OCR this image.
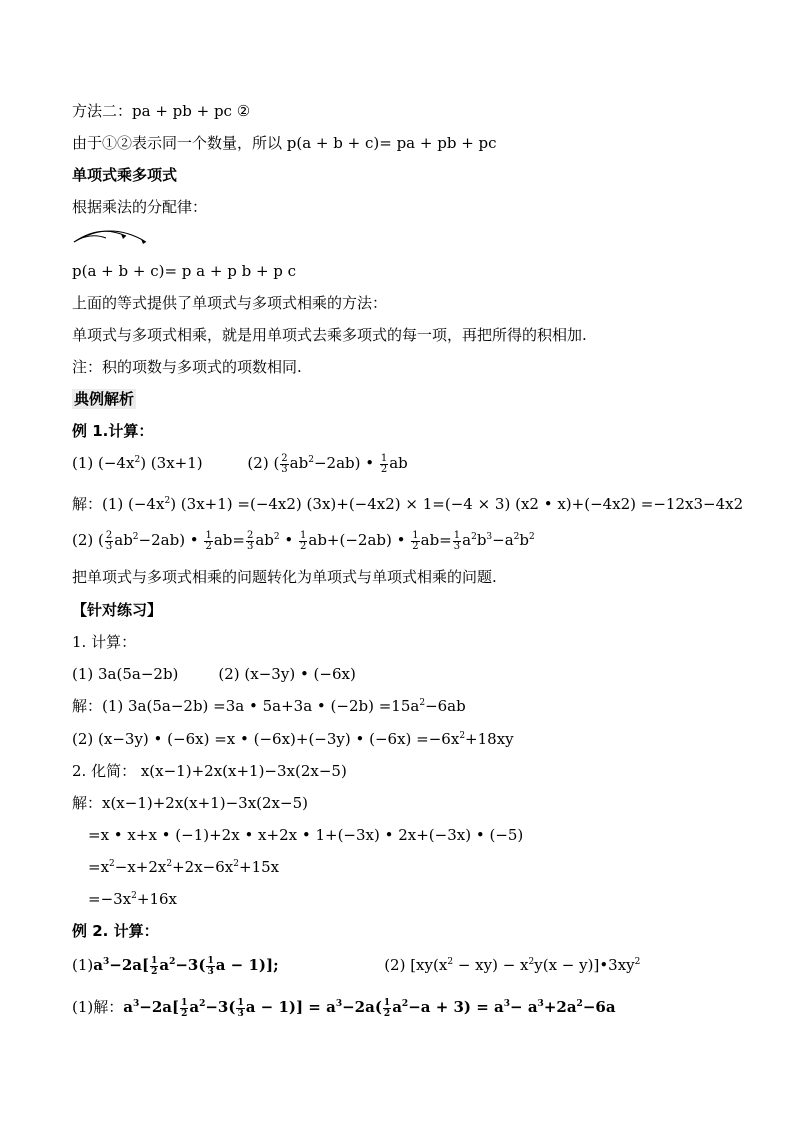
方法二：pa + pb + pc ②
由于①②表示同一个数量，所以 p(a + b + c)= pa + pb + pc
单项式乘多项式
根据乘法的分配律：
p(a + b + c)= p a + p b + p c
上面的等式提供了单项式与多项式相乘的方法：
单项式与多项式相乘，就是用单项式去乘多项式的每一项，再把所得的积相加.
注：积的项数与多项式的项数相同.
典例解析
例 1.计算：
(1) $(-4x^2)$ (3x+1)	(2) ( $\frac{2}{3} ab^2-2ab$) • $\frac{1}{2}$ ab
解：(1) $(-4x^2)$ (3x+1) =(−4x2) (3x)+(−4x2) × 1=(−4 × 3) (x2 • x)+(−4x2) =−12x3−4x2
(2) ( $\frac{2}{3} ab^2-2ab$) • $\frac{1}{2} ab= \frac{2}{3} ab^2$ • $\frac{1}{2} ab+(-2ab)$ • $\frac{1}{2} ab= \frac{1}{3} a^2b^3-a^2b^2$
把单项式与多项式相乘的问题转化为单项式与单项式相乘的问题.
【针对练习】
1. 计算：
(1) 3a(5a−2b)	(2) (x−3y) • (−6x)
解：(1) 3a(5a−2b) =3a • 5a+3a • $(-2b) =15a^2-6ab$
(2) (x−3y) • (−6x) =x • (−6x)+(−3y) • $(-6x) =-6x^2+18xy$
2. 化简： x(x−1)+2x(x+1)−3x(2x−5)
解：x(x−1)+2x(x+1)−3x(2x−5)
=x • x+x • (−1)+2x • x+2x • 1+(−3x) • 2x+(−3x) • (−5)
$=x^2-x+2x^2+2x-6x^2+15x$
$=-3x^2+16x$
例 2. 计算：
$(1)a^3-2a[ \frac{1}{2} a^2-3( \frac{1}{3}$ a − 1)];	(2) [$xy(x^2 - xy) - x^2y(x$ − $y)]•3xy^2$
(1)解：$a^3-2a[ \frac{1}{2} a^2-3( \frac{1}{3}$ $a - 1)] = a^3-2a( \frac{1}{2} a^2-a + 3) = a^3- a^3+2a^2-6a$
